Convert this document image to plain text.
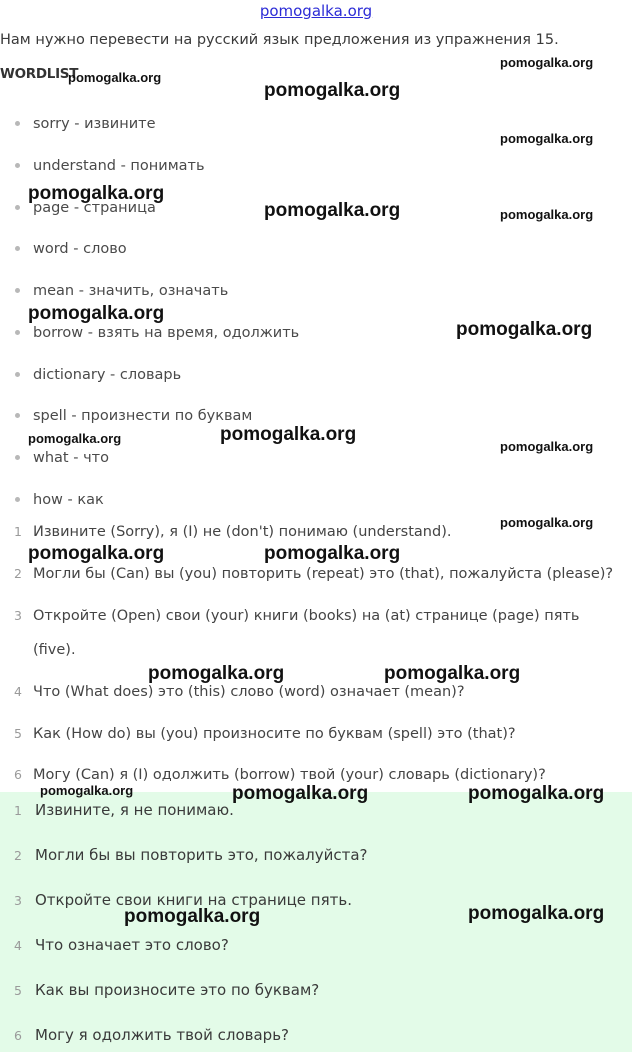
pomogalka.org
Нам нужно перевести на русский язык предложения из упражнения 15.
WORDLIST
sorry - извините
understand - понимать
page - страница
word - слово
mean - значить, означать
borrow - взять на время, одолжить
dictionary - словарь
spell - произнести по буквам
what - что
how - как
1 Извините (Sorry), я (I) не (don't) понимаю (understand).
2 Могли бы (Can) вы (you) повторить (repeat) это (that), пожалуйста (please)?
3 Откройте (Open) свои (your) книги (books) на (at) странице (page) пять (five).
4 Что (What does) это (this) слово (word) означает (mean)?
5 Как (How do) вы (you) произносите по буквам (spell) это (that)?
6 Могу (Can) я (I) одолжить (borrow) твой (your) словарь (dictionary)?
1 Извините, я не понимаю.
2 Могли бы вы повторить это, пожалуйста?
3 Откройте свои книги на странице пять.
4 Что означает это слово?
5 Как вы произносите это по буквам?
6 Могу я одолжить твой словарь?
pomogalka.org
pomogalka.org
pomogalka.org
pomogalka.org
pomogalka.org
pomogalka.org	pomogalka.org
pomogalka.org
pomogalka.org
pomogalka.org	pomogalka.org
pomogalka.org
pomogalka.org
pomogalka.org	pomogalka.org
pomogalka.org	pomogalka.org
pomogalka.org	pomogalka.org	pomogalka.org
pomogalka.org	pomogalka.org
